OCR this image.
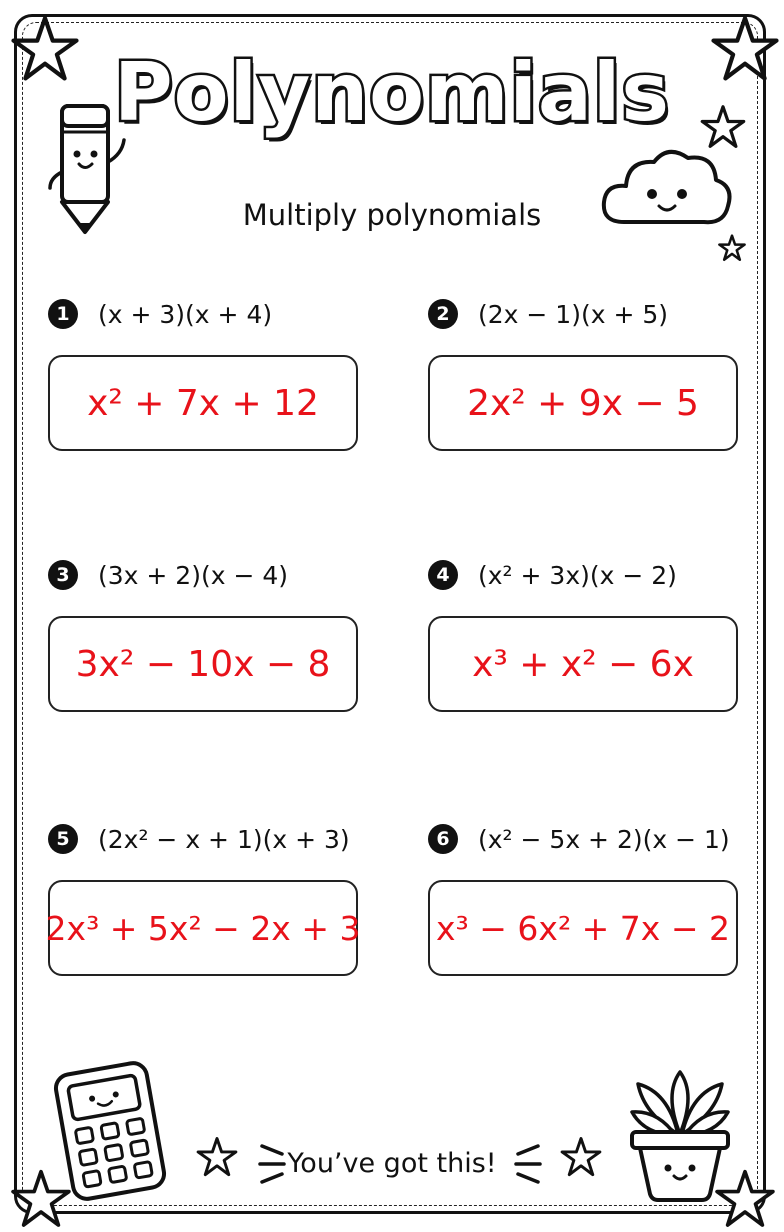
Polynomials
Multiply polynomials
1	(x + 3)(x + 4)
x² + 7x + 12
2	(2x − 1)(x + 5)
2x² + 9x − 5
3	(3x + 2)(x − 4)
3x² − 10x − 8
4	(x² + 3x)(x − 2)
x³ + x² − 6x
5	(2x² − x + 1)(x + 3)
2x³ + 5x² − 2x + 3
6	(x² − 5x + 2)(x − 1)
x³ − 6x² + 7x − 2
You’ve got this!
